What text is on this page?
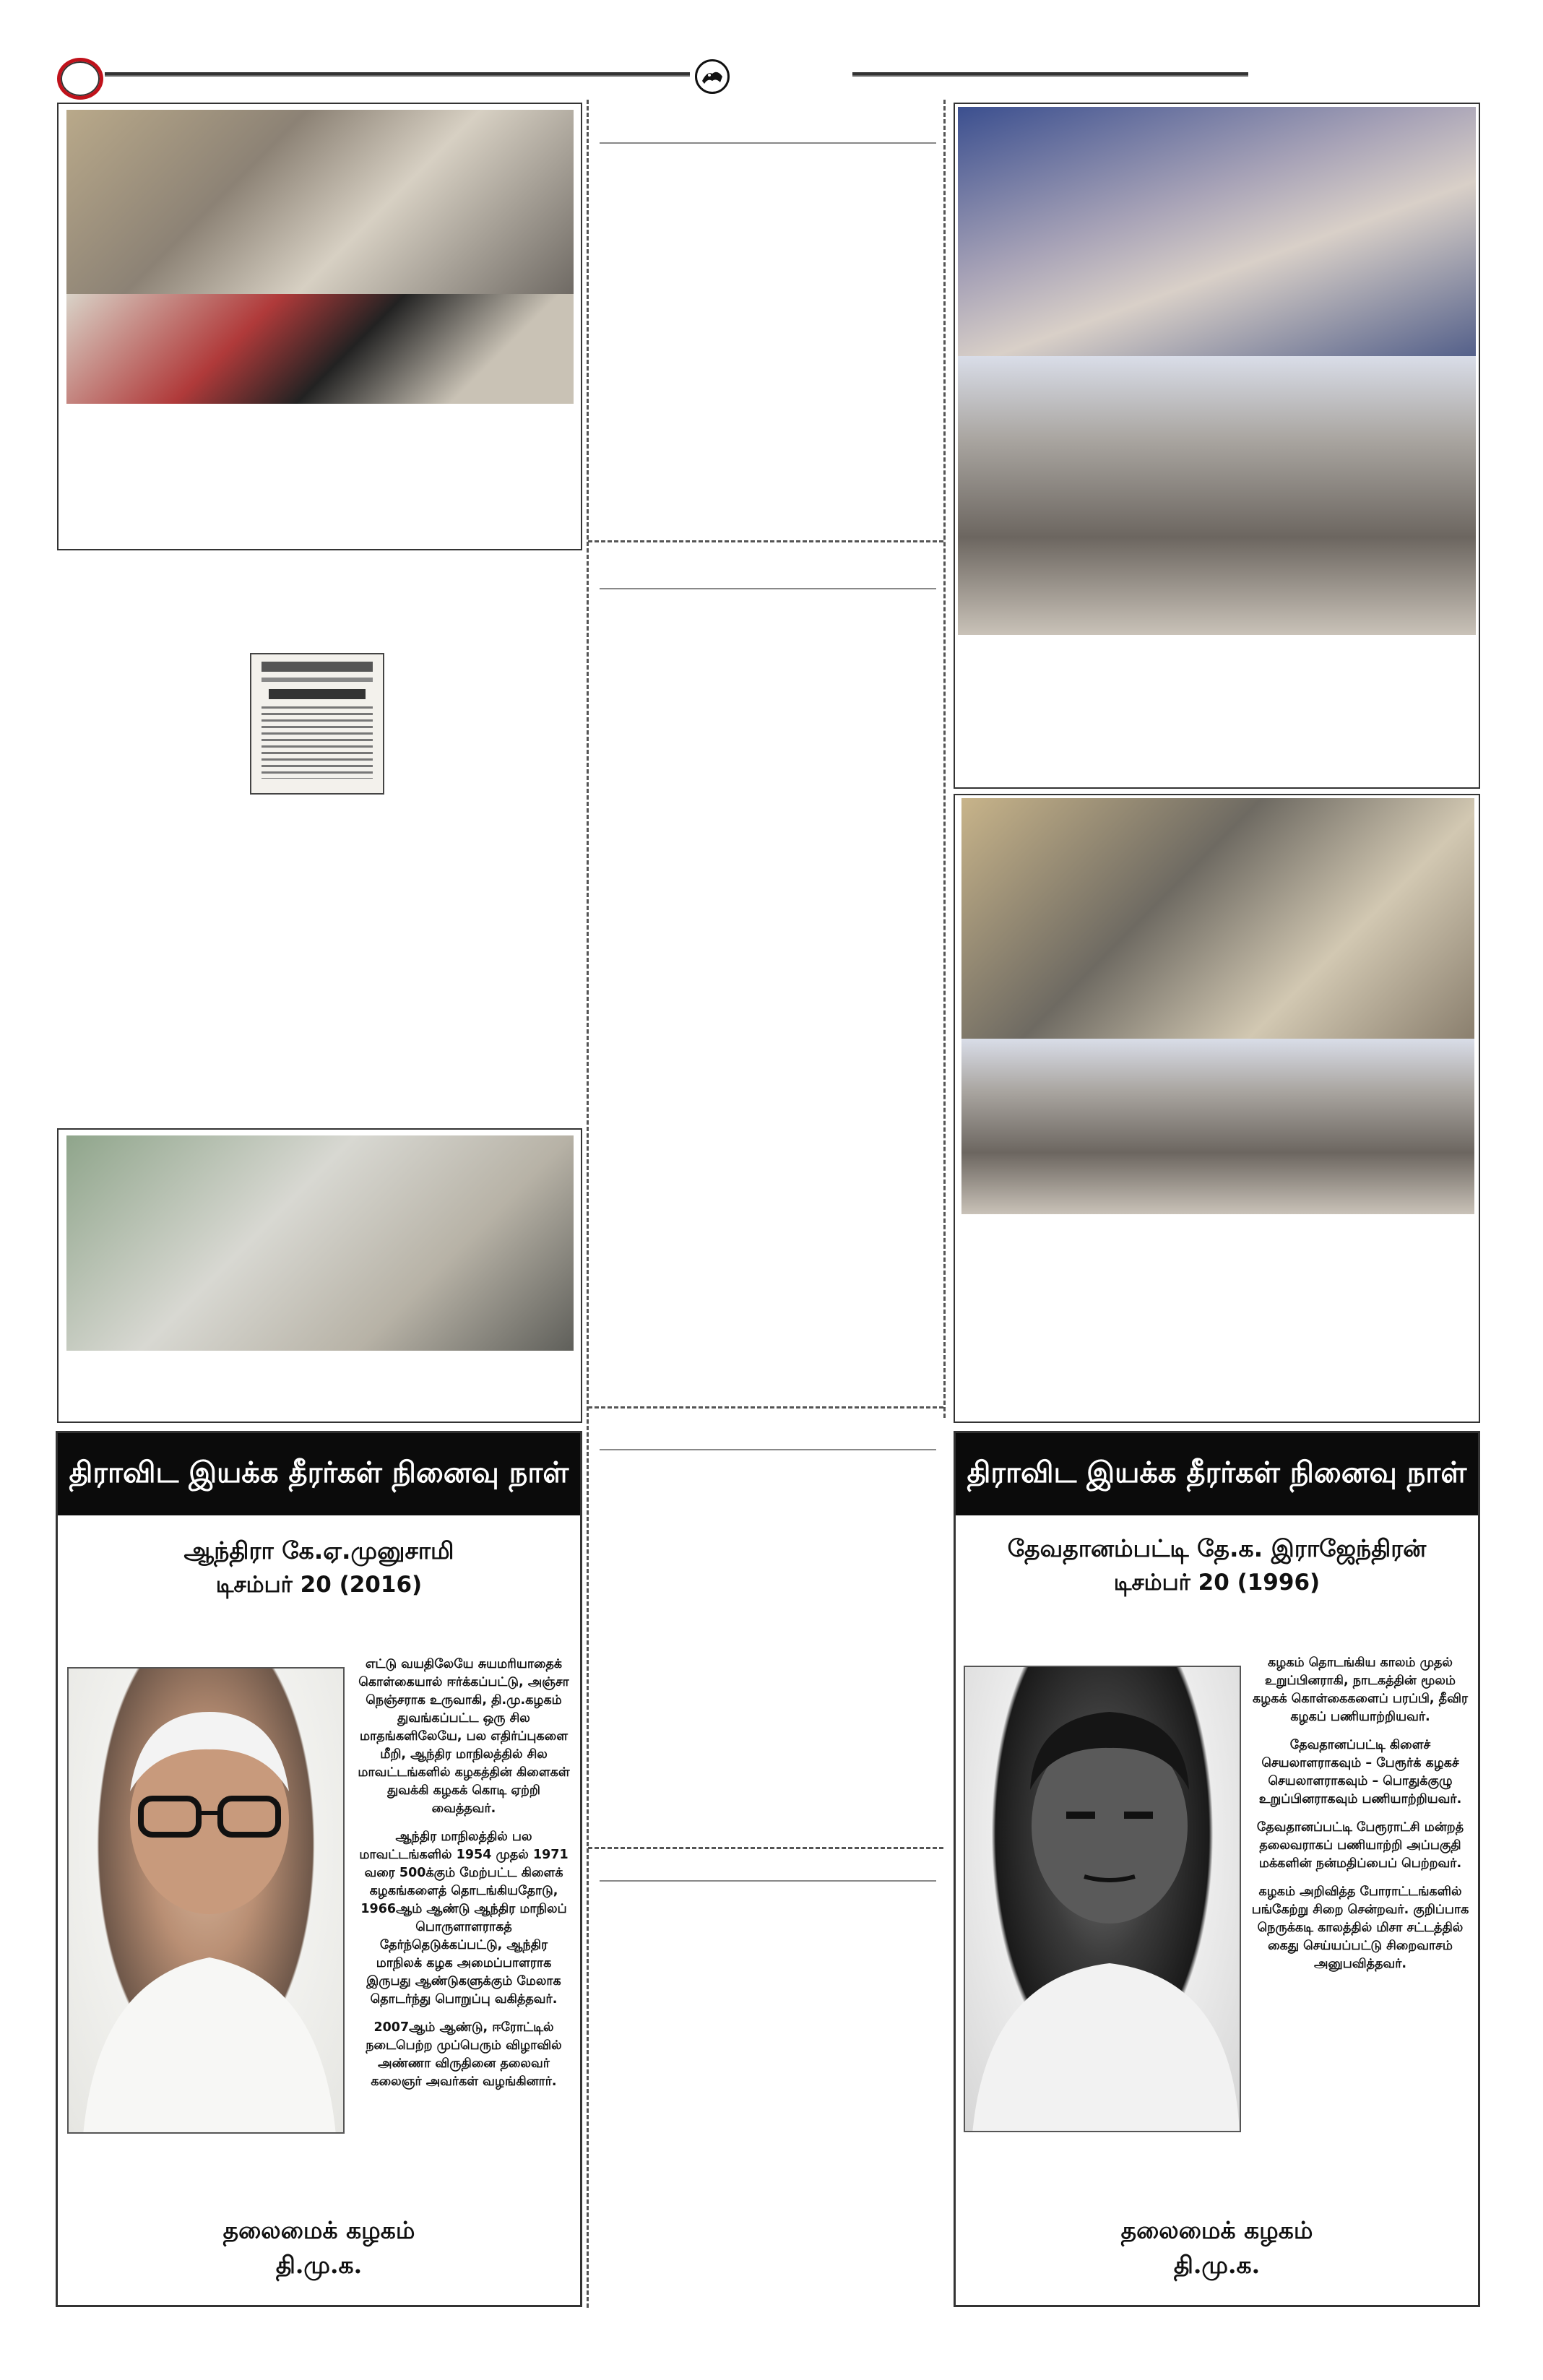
திராவிட இயக்க தீரர்கள் நினைவு நாள்
ஆந்திரா கே.ஏ.முனுசாமி
டிசம்பர் 20 (2016)

எட்டு வயதிலேயே சுயமரியாதைக் கொள்கையால் ஈர்க்கப்பட்டு, அஞ்சா நெஞ்சராக உருவாகி, தி.மு.கழகம் துவங்கப்பட்ட ஒரு சில மாதங்களிலேயே, பல எதிர்ப்புகளை மீறி, ஆந்திர மாநிலத்தில் சில மாவட்டங்களில் கழகத்தின் கிளைகள் துவக்கி கழகக் கொடி ஏற்றி வைத்தவர்.

ஆந்திர மாநிலத்தில் பல மாவட்டங்களில் 1954 முதல் 1971 வரை 500க்கும் மேற்பட்ட கிளைக் கழகங்களைத் தொடங்கியதோடு, 1966ஆம் ஆண்டு ஆந்திர மாநிலப் பொருளாளராகத் தேர்ந்தெடுக்கப்பட்டு, ஆந்திர மாநிலக் கழக அமைப்பாளராக இருபது ஆண்டுகளுக்கும் மேலாக தொடர்ந்து பொறுப்பு வகித்தவர்.

2007ஆம் ஆண்டு, ஈரோட்டில் நடைபெற்ற முப்பெரும் விழாவில் அண்ணா விருதினை தலைவர் கலைஞர் அவர்கள் வழங்கினார்.

தலைமைக் கழகம்
தி.மு.க.
திராவிட இயக்க தீரர்கள் நினைவு நாள்
தேவதானம்பட்டி தே.க. இராஜேந்திரன்
டிசம்பர் 20 (1996)

கழகம் தொடங்கிய காலம் முதல் உறுப்பினராகி, நாடகத்தின் மூலம் கழகக் கொள்கைகளைப் பரப்பி, தீவிர கழகப் பணியாற்றியவர்.

தேவதானப்பட்டி கிளைச் செயலாளராகவும் – பேரூர்க் கழகச் செயலாளராகவும் – பொதுக்குழு உறுப்பினராகவும் பணியாற்றியவர்.

தேவதானப்பட்டி பேரூராட்சி மன்றத் தலைவராகப் பணியாற்றி அப்பகுதி மக்களின் நன்மதிப்பைப் பெற்றவர்.

கழகம் அறிவித்த போராட்டங்களில் பங்கேற்று சிறை சென்றவர். குறிப்பாக நெருக்கடி காலத்தில் மிசா சட்டத்தில் கைது செய்யப்பட்டு சிறைவாசம் அனுபவித்தவர்.

தலைமைக் கழகம்
தி.மு.க.
